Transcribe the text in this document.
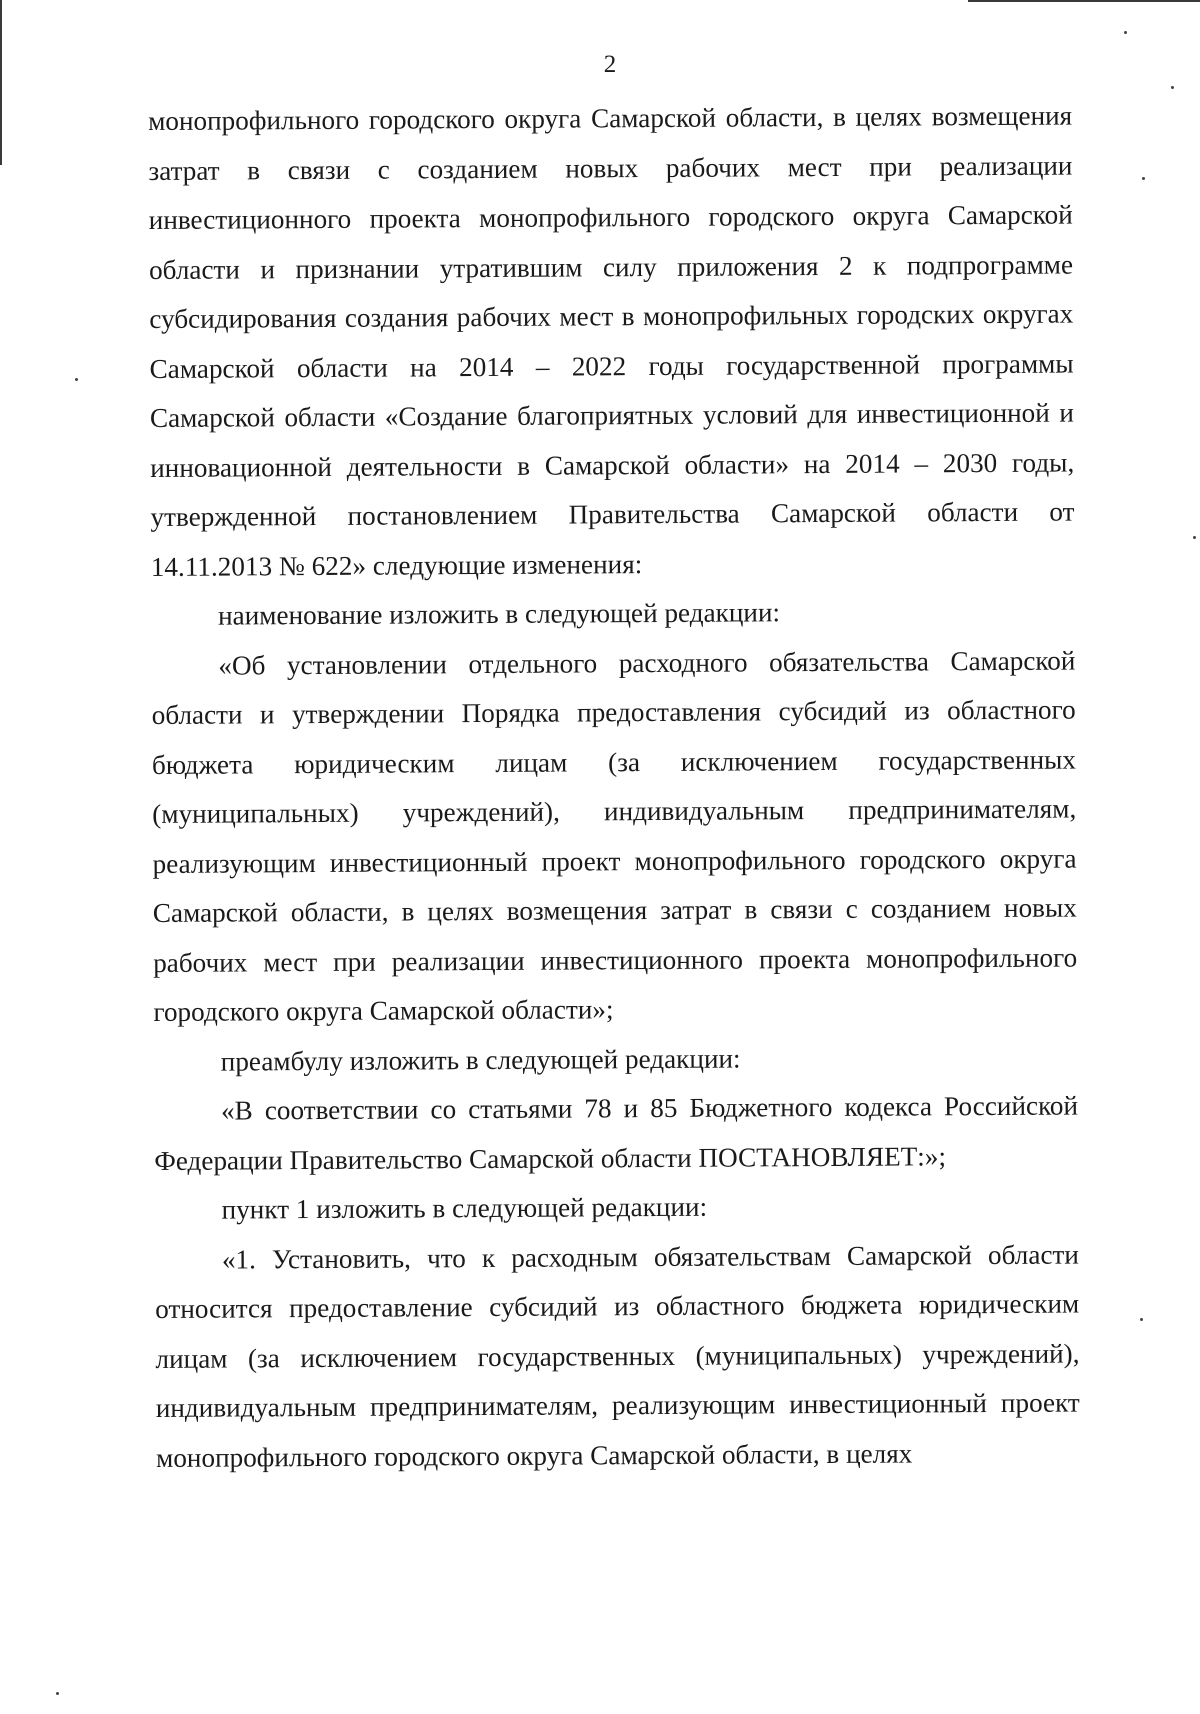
2

монопрофильного городского округа Самарской области, в целях возмещения затрат в связи с созданием новых рабочих мест при реализации инвестиционного проекта монопрофильного городского округа Самарской области и признании утратившим силу приложения 2 к подпрограмме субсидирования создания рабочих мест в монопрофильных городских округах Самарской области на 2014 – 2022 годы государственной программы Самарской области «Создание благоприятных условий для инвестиционной и инновационной деятельности в Самарской области» на 2014 – 2030 годы, утвержденной постановлением Правительства Самарской области от 14.11.2013 № 622» следующие изменения:

наименование изложить в следующей редакции:

«Об установлении отдельного расходного обязательства Самарской области и утверждении Порядка предоставления субсидий из областного бюджета юридическим лицам (за исключением государственных (муниципальных) учреждений), индивидуальным предпринимателям, реализующим инвестиционный проект монопрофильного городского округа Самарской области, в целях возмещения затрат в связи с созданием новых рабочих мест при реализации инвестиционного проекта монопрофильного городского округа Самарской области»;

преамбулу изложить в следующей редакции:

«В соответствии со статьями 78 и 85 Бюджетного кодекса Российской Федерации Правительство Самарской области ПОСТАНОВЛЯЕТ:»;

пункт 1 изложить в следующей редакции:

«1. Установить, что к расходным обязательствам Самарской области относится предоставление субсидий из областного бюджета юридическим лицам (за исключением государственных (муниципальных) учреждений), индивидуальным предпринимателям, реализующим инвестиционный проект монопрофильного городского округа Самарской области, в целях
